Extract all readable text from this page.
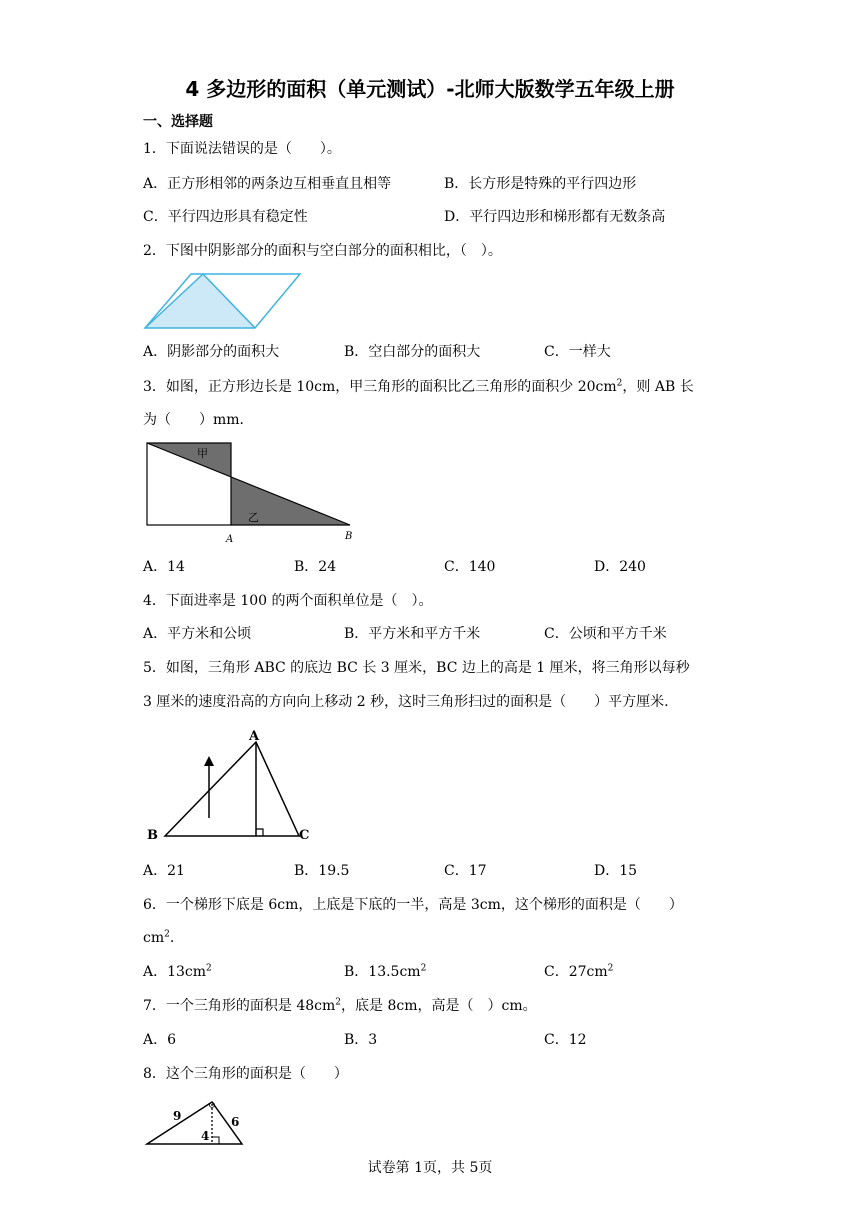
4 多边形的面积（单元测试）-北师大版数学五年级上册
一、选择题
1．下面说法错误的是（　　）。
A．正方形相邻的两条边互相垂直且相等	B．长方形是特殊的平行四边形
C．平行四边形具有稳定性	D．平行四边形和梯形都有无数条高
2．下图中阴影部分的面积与空白部分的面积相比，（　）。
A．阴影部分的面积大	B．空白部分的面积大	C．一样大
3．如图，正方形边长是 10cm，甲三角形的面积比乙三角形的面积少 $20cm^2$，则 AB 长
为（　　）mm．
甲
乙
A	B
A．14	B．24	C．140	D．240
4．下面进率是 100 的两个面积单位是（　）。
A．平方米和公顷	B．平方米和平方千米	C．公顷和平方千米
5．如图，三角形 ABC 的底边 BC 长 3 厘米，BC 边上的高是 1 厘米，将三角形以每秒
3 厘米的速度沿高的方向向上移动 2 秒，这时三角形扫过的面积是（　　）平方厘米.
A
B	C
A．21	B．19.5	C．17	D．15
6．一个梯形下底是 6cm，上底是下底的一半，高是 3cm，这个梯形的面积是（　　）
$cm^2$.
A．$13cm^2$	B．$13.5cm^2$	C．$27cm^2$
7．一个三角形的面积是 $48cm^2$，底是 8cm，高是（　）cm。
A．6	B．3	C．12
8．这个三角形的面积是（　　）
9	6
4
试卷第 1页，共 5页
